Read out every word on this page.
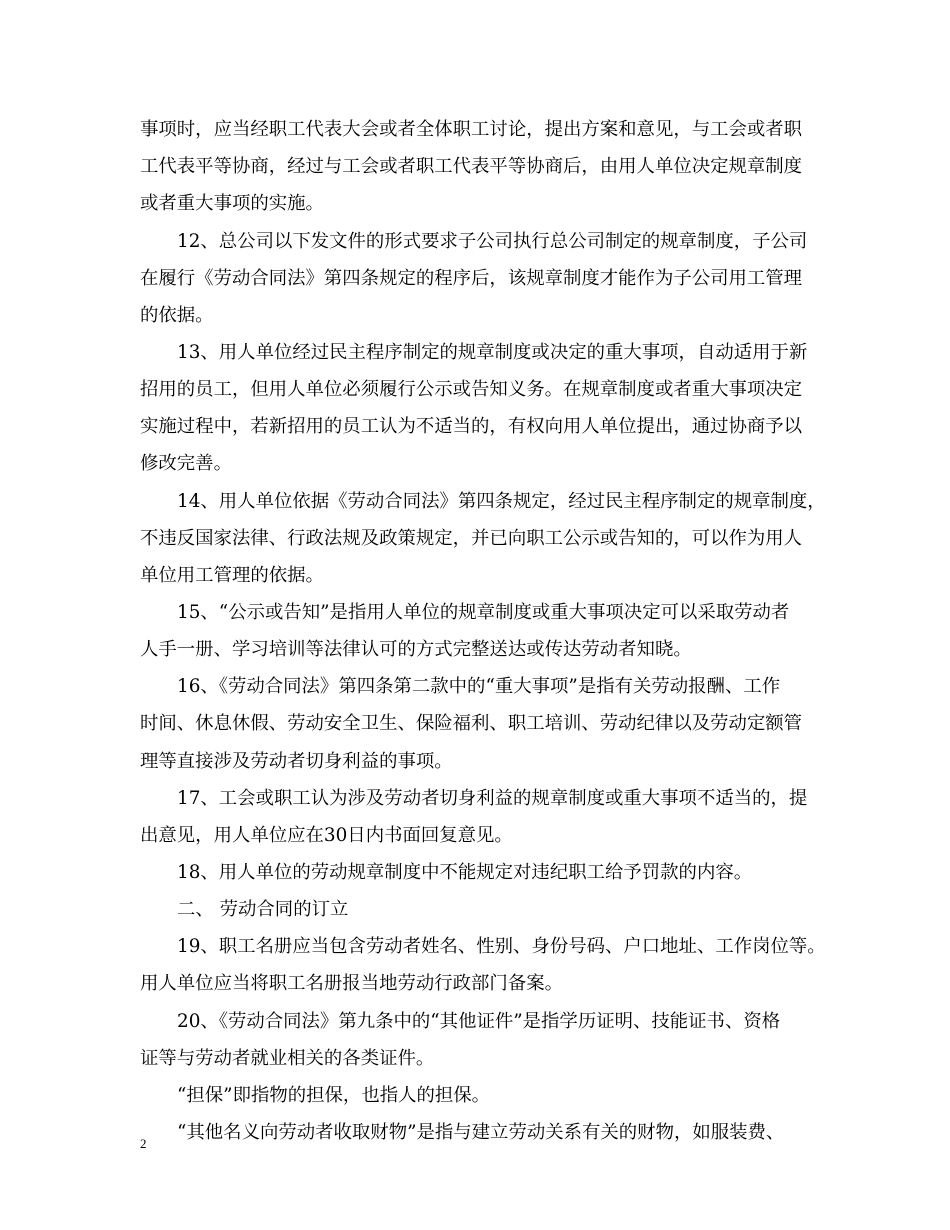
事项时，应当经职工代表大会或者全体职工讨论，提出方案和意见，与工会或者职
工代表平等协商，经过与工会或者职工代表平等协商后，由用人单位决定规章制度
或者重大事项的实施。
12、总公司以下发文件的形式要求子公司执行总公司制定的规章制度，子公司
在履行《劳动合同法》第四条规定的程序后，该规章制度才能作为子公司用工管理
的依据。
13、用人单位经过民主程序制定的规章制度或决定的重大事项，自动适用于新
招用的员工，但用人单位必须履行公示或告知义务。在规章制度或者重大事项决定
实施过程中，若新招用的员工认为不适当的，有权向用人单位提出，通过协商予以
修改完善。
14、用人单位依据《劳动合同法》第四条规定，经过民主程序制定的规章制度，
不违反国家法律、行政法规及政策规定，并已向职工公示或告知的，可以作为用人
单位用工管理的依据。
15、“公示或告知”是指用人单位的规章制度或重大事项决定可以采取劳动者
人手一册、学习培训等法律认可的方式完整送达或传达劳动者知晓。
16、《劳动合同法》第四条第二款中的“重大事项”是指有关劳动报酬、工作
时间、休息休假、劳动安全卫生、保险福利、职工培训、劳动纪律以及劳动定额管
理等直接涉及劳动者切身利益的事项。
17、工会或职工认为涉及劳动者切身利益的规章制度或重大事项不适当的，提
出意见，用人单位应在30日内书面回复意见。
18、用人单位的劳动规章制度中不能规定对违纪职工给予罚款的内容。
二、 劳动合同的订立
19、职工名册应当包含劳动者姓名、性别、身份号码、户口地址、工作岗位等。
用人单位应当将职工名册报当地劳动行政部门备案。
20、《劳动合同法》第九条中的“其他证件”是指学历证明、技能证书、资格
证等与劳动者就业相关的各类证件。
“担保”即指物的担保，也指人的担保。
“其他名义向劳动者收取财物”是指与建立劳动关系有关的财物，如服装费、
2
